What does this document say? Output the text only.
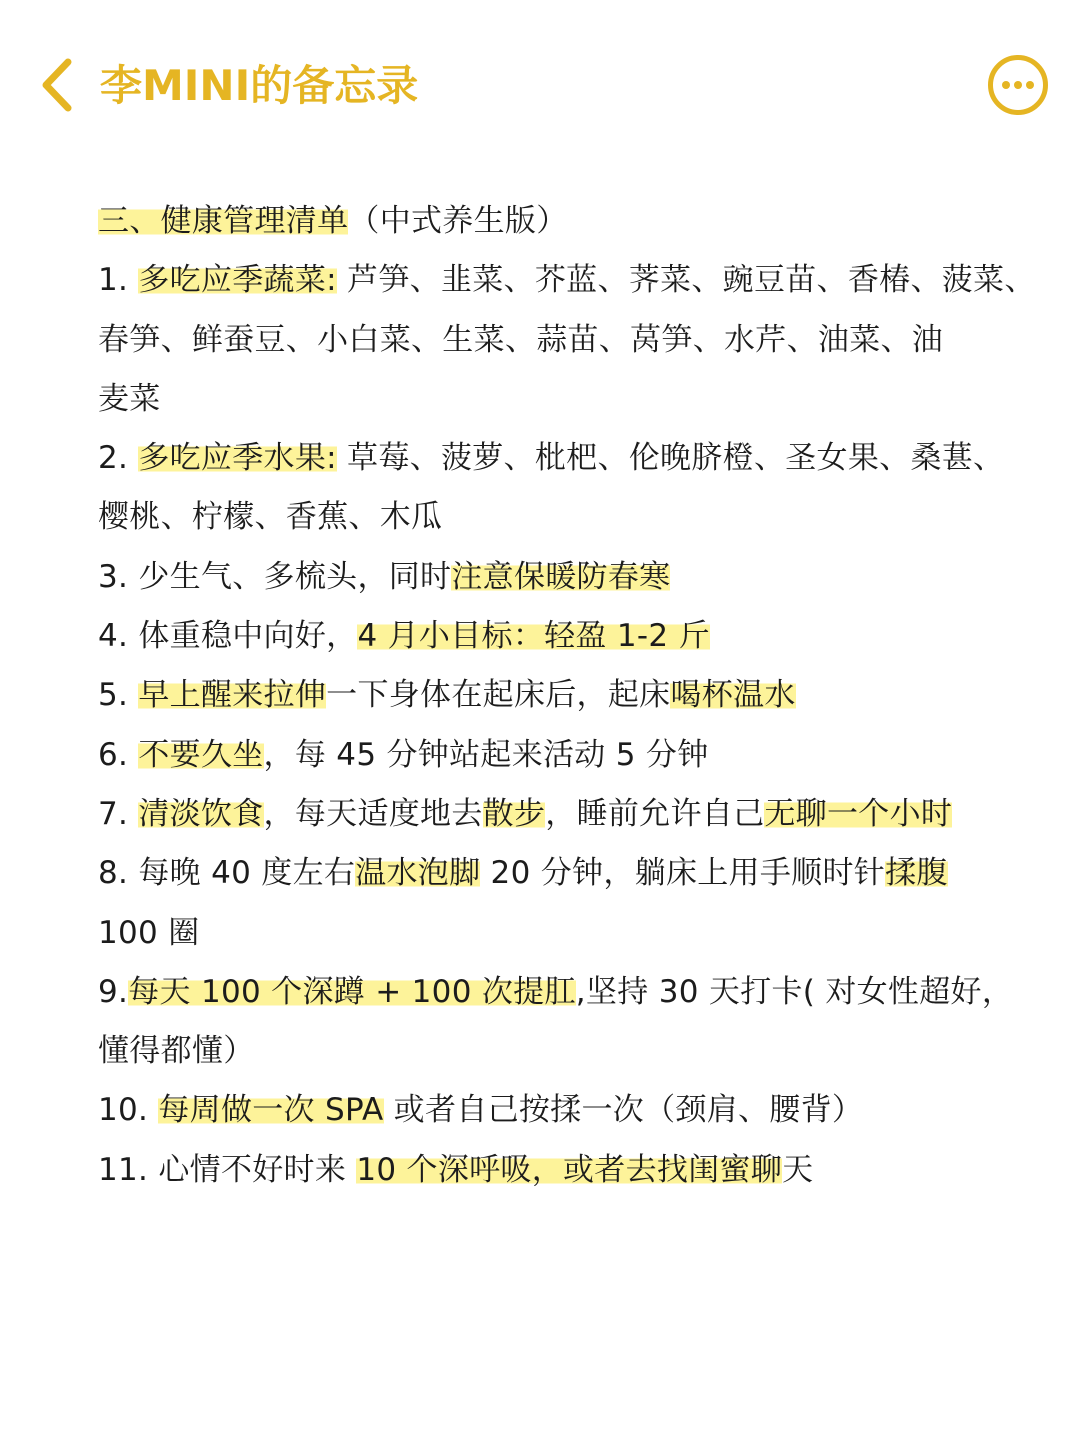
李MINI的备忘录
三、健康管理清单（中式养生版）
1. 多吃应季蔬菜: 芦笋、韭菜、芥蓝、荠菜、豌豆苗、香椿、菠菜、
春笋、鲜蚕豆、小白菜、生菜、蒜苗、莴笋、水芹、油菜、油
麦菜
2. 多吃应季水果: 草莓、菠萝、枇杷、伦晚脐橙、圣女果、桑葚、
樱桃、柠檬、香蕉、木瓜
3. 少生气、多梳头，同时注意保暖防春寒
4. 体重稳中向好，4 月小目标：轻盈 1-2 斤
5. 早上醒来拉伸一下身体在起床后，起床喝杯温水
6. 不要久坐，每 45 分钟站起来活动 5 分钟
7. 清淡饮食，每天适度地去散步，睡前允许自己无聊一个小时
8. 每晚 40 度左右温水泡脚 20 分钟，躺床上用手顺时针揉腹
100 圈
9.每天 100 个深蹲 + 100 次提肛,坚持 30 天打卡( 对女性超好，
懂得都懂）
10. 每周做一次 SPA 或者自己按揉一次（颈肩、腰背）
11. 心情不好时来 10 个深呼吸，或者去找闺蜜聊天
